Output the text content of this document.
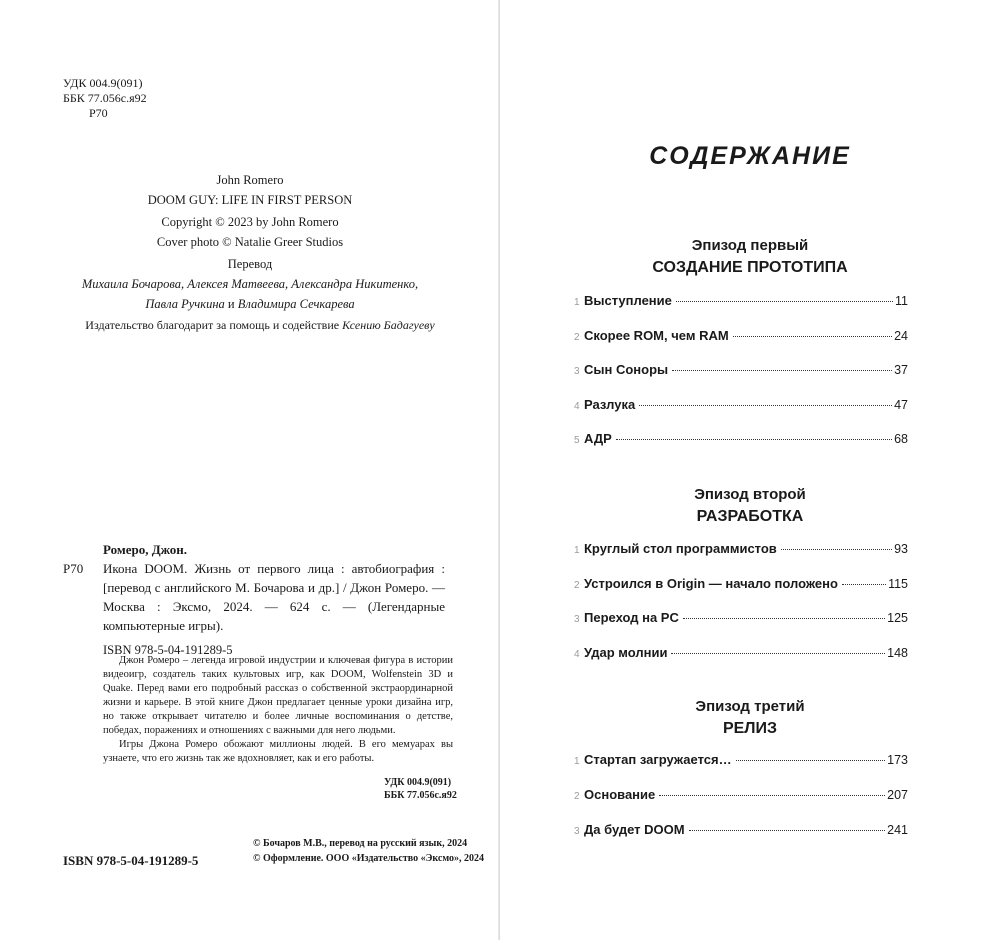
УДК 004.9(091)
ББК 77.056с.я92
Р70
John Romero
DOOM GUY: LIFE IN FIRST PERSON
Copyright © 2023 by John Romero
Cover photo © Natalie Greer Studios
Перевод
Михаила Бочарова, Алексея Матвеева, Александра Никитенко,
Павла Ручкина и Владимира Сечкарева
Издательство благодарит за помощь и содействие Ксению Бадагуеву
Ромеро, Джон.
Р70	Икона DOOM. Жизнь от первого лица : автобиография : [перевод с английского М. Бочарова и др.] / Джон Ромеро. — Москва : Эксмо, 2024. — 624 с. — (Легендарные компьютерные игры).
ISBN 978-5-04-191289-5

Джон Ромеро – легенда игровой индустрии и ключевая фигура в истории видеоигр, создатель таких культовых игр, как DOOM, Wolfenstein 3D и Quake. Перед вами его подробный рассказ о собственной экстраординарной жизни и карьере. В этой книге Джон предлагает ценные уроки дизайна игр, но также открывает читателю и более личные воспоминания о детстве, победах, поражениях и отношениях с важными для него людьми.

Игры Джона Ромеро обожают миллионы людей. В его мемуарах вы узнаете, что его жизнь так же вдохновляет, как и его работы.

УДК 004.9(091)
ББК 77.056с.я92
ISBN 978-5-04-191289-5
© Бочаров М.В., перевод на русский язык, 2024
© Оформление. ООО «Издательство «Эксмо», 2024
СОДЕРЖАНИЕ
Эпизод первый
СОЗДАНИЕ ПРОТОТИПА
1 Выступление	11
2 Скорее ROM, чем RAM	24
3 Сын Соноры	37
4 Разлука	47
5 АДР	68
Эпизод второй
РАЗРАБОТКА
1 Круглый стол программистов	93
2 Устроился в Origin — начало положено	115
3 Переход на PC	125
4 Удар молнии	148
Эпизод третий
РЕЛИЗ
1 Стартап загружается…	173
2 Основание	207
3 Да будет DOOM	241
